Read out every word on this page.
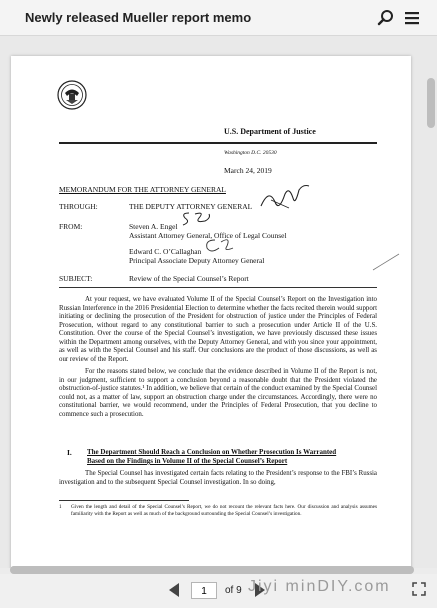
Newly released Mueller report memo
U.S. Department of Justice
Washington D.C. 20530
March 24, 2019
MEMORANDUM FOR THE ATTORNEY GENERAL
THROUGH:	THE DEPUTY ATTORNEY GENERAL
FROM:	Steven A. Engel
Assistant Attorney General, Office of Legal Counsel
Edward C. O’Callaghan
Principal Associate Deputy Attorney General
SUBJECT:	Review of the Special Counsel’s Report

At your request, we have evaluated Volume II of the Special Counsel’s Report on the Investigation into Russian Interference in the 2016 Presidential Election to determine whether the facts recited therein would support initiating or declining the prosecution of the President for obstruction of justice under the Principles of Federal Prosecution, without regard to any constitutional barrier to such a prosecution under Article II of the U.S. Constitution. Over the course of the Special Counsel’s investigation, we have previously discussed these issues within the Department among ourselves, with the Deputy Attorney General, and with you since your appointment, as well as with the Special Counsel and his staff. Our conclusions are the product of those discussions, as well as our review of the Report.

For the reasons stated below, we conclude that the evidence described in Volume II of the Report is not, in our judgment, sufficient to support a conclusion beyond a reasonable doubt that the President violated the obstruction-of-justice statutes.¹ In addition, we believe that certain of the conduct examined by the Special Counsel could not, as a matter of law, support an obstruction charge under the circumstances. Accordingly, there were no constitutional barrier, we would recommend, under the Principles of Federal Prosecution, that you decline to commence such a prosecution.

I. The Department Should Reach a Conclusion on Whether Prosecution Is Warranted
Based on the Findings in Volume II of the Special Counsel’s Report

The Special Counsel has investigated certain facts relating to the President’s response to the FBI’s Russia investigation and to the subsequent Special Counsel investigation. In so doing,

1 Given the length and detail of the Special Counsel’s Report, we do not recount the relevant facts here. Our discussion and analysis assumes familiarity with the Report as well as much of the background surrounding the Special Counsel’s investigation.
1	of 9 Jiyi minDIY.com
